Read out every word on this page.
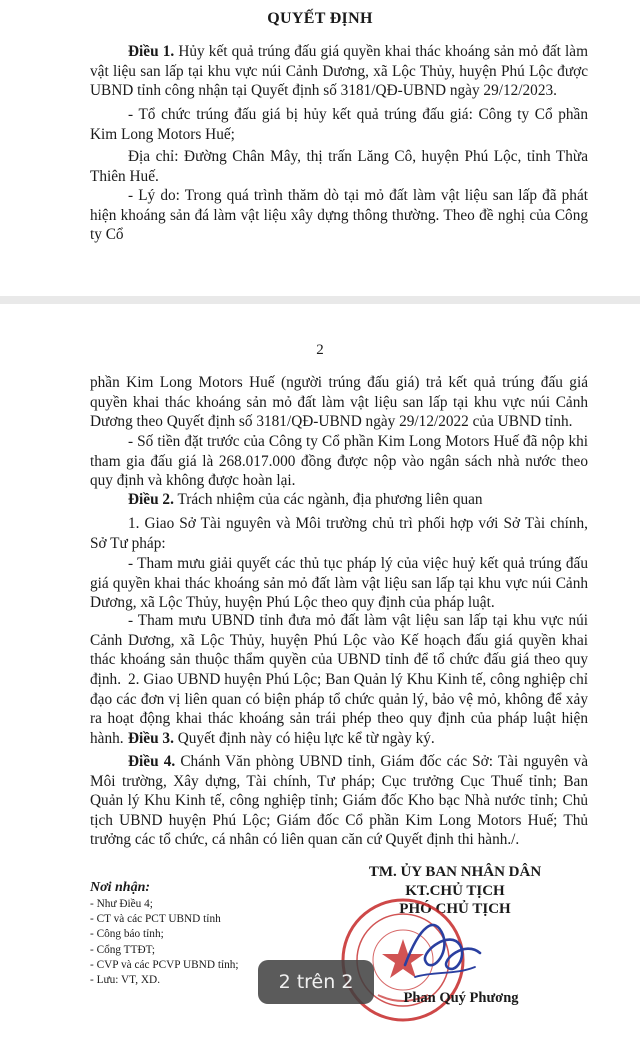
QUYẾT ĐỊNH

Điều 1. Hủy kết quả trúng đấu giá quyền khai thác khoáng sản mỏ đất làm vật liệu san lấp tại khu vực núi Cảnh Dương, xã Lộc Thủy, huyện Phú Lộc được UBND tỉnh công nhận tại Quyết định số 3181/QĐ-UBND ngày 29/12/2023.

- Tổ chức trúng đấu giá bị hủy kết quả trúng đấu giá: Công ty Cổ phần Kim Long Motors Huế;

Địa chỉ: Đường Chân Mây, thị trấn Lăng Cô, huyện Phú Lộc, tỉnh Thừa Thiên Huế.

- Lý do: Trong quá trình thăm dò tại mỏ đất làm vật liệu san lấp đã phát hiện khoáng sản đá làm vật liệu xây dựng thông thường. Theo đề nghị của Công ty Cổ

2

phần Kim Long Motors Huế (người trúng đấu giá) trả kết quả trúng đấu giá quyền khai thác khoáng sản mỏ đất làm vật liệu san lấp tại khu vực núi Cảnh Dương theo Quyết định số 3181/QĐ-UBND ngày 29/12/2022 của UBND tỉnh.

- Số tiền đặt trước của Công ty Cổ phần Kim Long Motors Huế đã nộp khi tham gia đấu giá là 268.017.000 đồng được nộp vào ngân sách nhà nước theo quy định và không được hoàn lại.

Điều 2. Trách nhiệm của các ngành, địa phương liên quan

1. Giao Sở Tài nguyên và Môi trường chủ trì phối hợp với Sở Tài chính, Sở Tư pháp:

- Tham mưu giải quyết các thủ tục pháp lý của việc huỷ kết quả trúng đấu giá quyền khai thác khoáng sản mỏ đất làm vật liệu san lấp tại khu vực núi Cảnh Dương, xã Lộc Thủy, huyện Phú Lộc theo quy định của pháp luật.

- Tham mưu UBND tỉnh đưa mỏ đất làm vật liệu san lấp tại khu vực núi Cảnh Dương, xã Lộc Thủy, huyện Phú Lộc vào Kế hoạch đấu giá quyền khai thác khoáng sản thuộc thẩm quyền của UBND tỉnh để tổ chức đấu giá theo quy định. 2. Giao UBND huyện Phú Lộc; Ban Quản lý Khu Kinh tế, công nghiệp chỉ đạo các đơn vị liên quan có biện pháp tổ chức quản lý, bảo vệ mỏ, không để xảy ra hoạt động khai thác khoáng sản trái phép theo quy định của pháp luật hiện hành. Điều 3. Quyết định này có hiệu lực kể từ ngày ký.

Điều 4. Chánh Văn phòng UBND tỉnh, Giám đốc các Sở: Tài nguyên và Môi trường, Xây dựng, Tài chính, Tư pháp; Cục trưởng Cục Thuế tỉnh; Ban Quản lý Khu Kinh tế, công nghiệp tỉnh; Giám đốc Kho bạc Nhà nước tỉnh; Chủ tịch UBND huyện Phú Lộc; Giám đốc Cổ phần Kim Long Motors Huế; Thủ trưởng các tổ chức, cá nhân có liên quan căn cứ Quyết định thi hành./.

TM. ỦY BAN NHÂN DÂN
KT.CHỦ TỊCH
PHÓ CHỦ TỊCH
Phan Quý Phương
Nơi nhận:
- Như Điều 4;
- CT và các PCT UBND tỉnh
- Công báo tỉnh;
- Cổng TTĐT;
- CVP và các PCVP UBND tỉnh;
- Lưu: VT, XD.	2 trên 2
